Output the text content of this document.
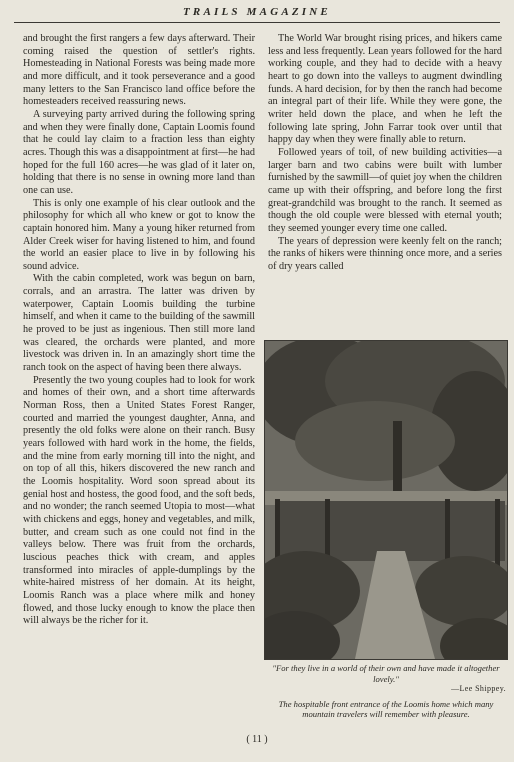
TRAILS MAGAZINE

and brought the first rangers a few days afterward. Their coming raised the question of settler's rights. Homesteading in National Forests was being made more and more difficult, and it took perseverance and a good many letters to the San Francisco land office before the homesteaders received reassuring news.

A surveying party arrived during the following spring and when they were finally done, Captain Loomis found that he could lay claim to a fraction less than eighty acres. Though this was a disappointment at first—he had hoped for the full 160 acres—he was glad of it later on, holding that there is no sense in owning more land than one can use.

This is only one example of his clear outlook and the philosophy for which all who knew or got to know the captain honored him. Many a young hiker returned from Alder Creek wiser for having listened to him, and found the world an easier place to live in by following his sound advice.

With the cabin completed, work was begun on barn, corrals, and an arrastra. The latter was driven by waterpower, Captain Loomis building the turbine himself, and when it came to the building of the sawmill he proved to be just as ingenious. Then still more land was cleared, the orchards were planted, and more livestock was driven in. In an amazingly short time the ranch took on the aspect of having been there always.

Presently the two young couples had to look for work and homes of their own, and a short time afterwards Norman Ross, then a United States Forest Ranger, courted and married the youngest daughter, Anna, and presently the old folks were alone on their ranch. Busy years followed with hard work in the home, the fields, and the mine from early morning till into the night, and on top of all this, hikers discovered the new ranch and the Loomis hospitality. Word soon spread about its genial host and hostess, the good food, and the soft beds, and no wonder; the ranch seemed Utopia to most—what with chickens and eggs, honey and vegetables, and milk, butter, and cream such as one could not find in the valleys below. There was fruit from the orchards, luscious peaches thick with cream, and apples transformed into miracles of apple-dumplings by the white-haired mistress of her domain. At its height, Loomis Ranch was a place where milk and honey flowed, and those lucky enough to know the place then will always be the richer for it.

The World War brought rising prices, and hikers came less and less frequently. Lean years followed for the hard working couple, and they had to decide with a heavy heart to go down into the valleys to augment dwindling funds. A hard decision, for by then the ranch had become an integral part of their life. While they were gone, the writer held down the place, and when he left the following late spring, John Farrar took over until that happy day when they were finally able to return.

Followed years of toil, of new building activities—a larger barn and two cabins were built with lumber furnished by the sawmill—of quiet joy when the children came up with their offspring, and before long the first great-grandchild was brought to the ranch. It seemed as though the old couple were blessed with eternal youth; they seemed younger every time one called.

The years of depression were keenly felt on the ranch; the ranks of hikers were thinning once more, and a series of dry years called

"For they live in a world of their own and have made it altogether lovely."
—Lee Shippey.
The hospitable front entrance of the Loomis home which many mountain travelers will remember with pleasure.
( 11 )
